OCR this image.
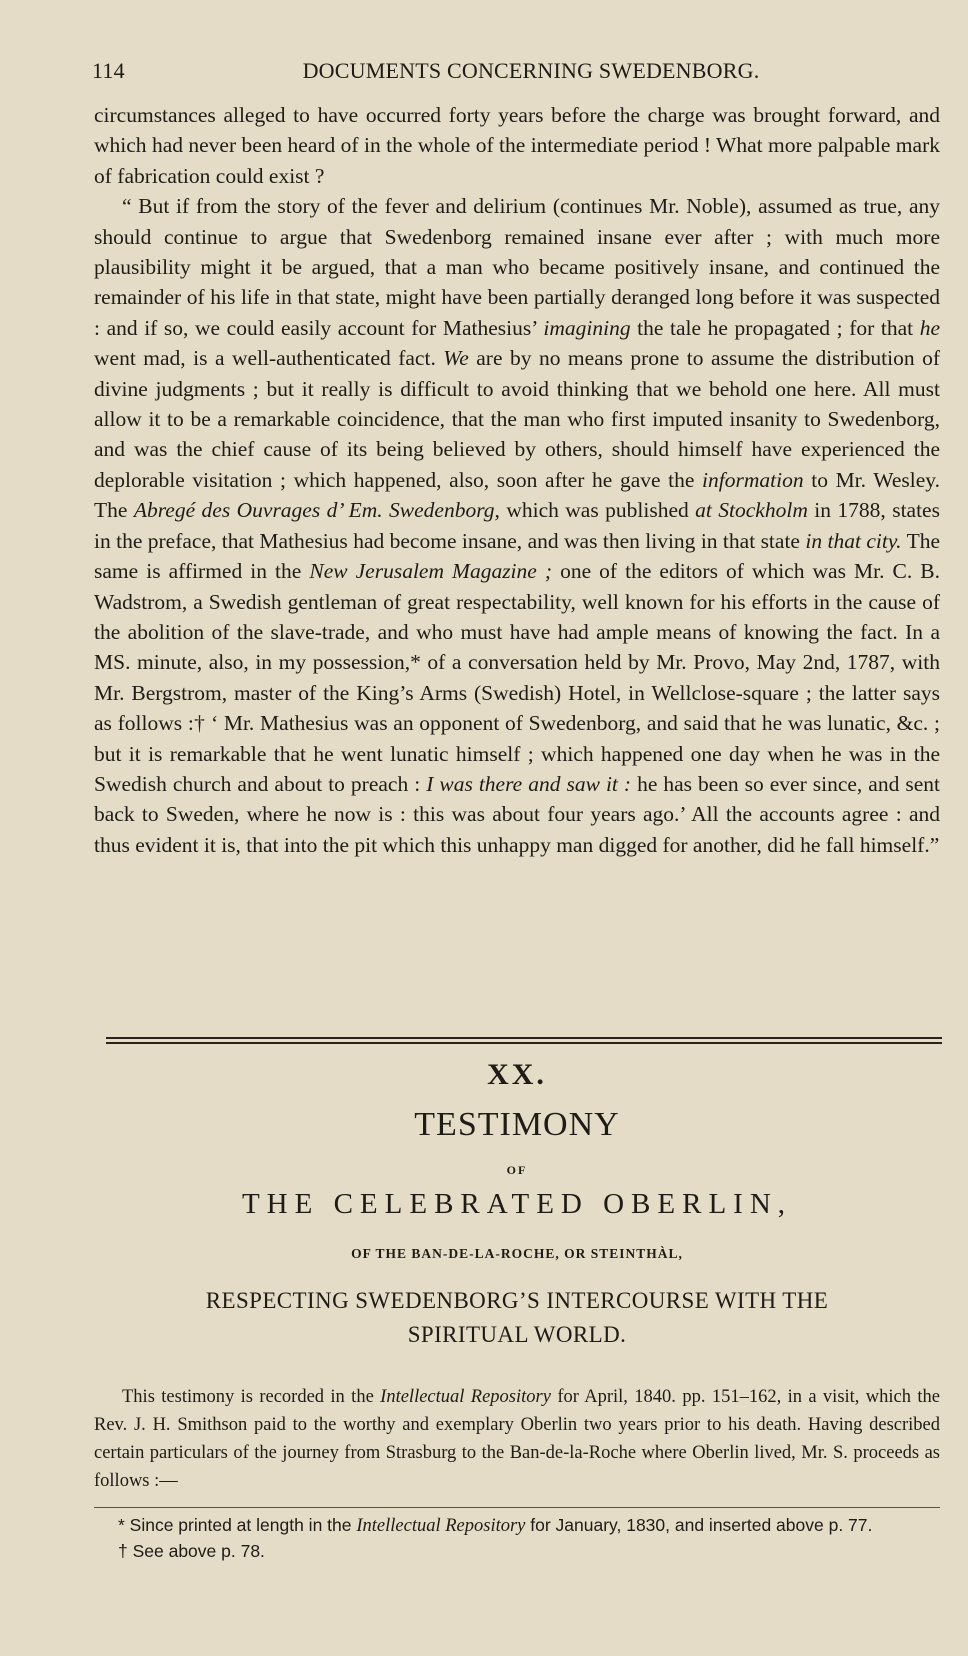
114	DOCUMENTS CONCERNING SWEDENBORG.

circumstances alleged to have occurred forty years before the charge was brought forward, and which had never been heard of in the whole of the intermediate period ! What more palpable mark of fabrication could exist ?

“ But if from the story of the fever and delirium (continues Mr. Noble), assumed as true, any should continue to argue that Swedenborg remained insane ever after ; with much more plausibility might it be argued, that a man who became positively insane, and continued the remainder of his life in that state, might have been partially deranged long before it was suspected : and if so, we could easily account for Mathesius’ imagining the tale he propagated ; for that he went mad, is a well-authenticated fact. We are by no means prone to assume the distribution of divine judgments ; but it really is difficult to avoid thinking that we behold one here. All must allow it to be a remarkable coincidence, that the man who first imputed insanity to Swedenborg, and was the chief cause of its being believed by others, should himself have experienced the deplorable visitation ; which happened, also, soon after he gave the information to Mr. Wesley. The Abregé des Ouvrages d’ Em. Swedenborg, which was published at Stockholm in 1788, states in the preface, that Mathesius had become insane, and was then living in that state in that city. The same is affirmed in the New Jerusalem Magazine ; one of the editors of which was Mr. C. B. Wadstrom, a Swedish gentleman of great respectability, well known for his efforts in the cause of the abolition of the slave-trade, and who must have had ample means of knowing the fact. In a MS. minute, also, in my possession,* of a conversation held by Mr. Provo, May 2nd, 1787, with Mr. Bergstrom, master of the King’s Arms (Swedish) Hotel, in Wellclose-square ; the latter says as follows :† ‘ Mr. Mathesius was an opponent of Swedenborg, and said that he was lunatic, &c. ; but it is remarkable that he went lunatic himself ; which happened one day when he was in the Swedish church and about to preach : I was there and saw it : he has been so ever since, and sent back to Sweden, where he now is : this was about four years ago.’ All the accounts agree : and thus evident it is, that into the pit which this unhappy man digged for another, did he fall himself.”

XX.
TESTIMONY
OF
THE CELEBRATED OBERLIN,
OF THE BAN-DE-LA-ROCHE, OR STEINTHÀL,
RESPECTING SWEDENBORG’S INTERCOURSE WITH THE
SPIRITUAL WORLD.

This testimony is recorded in the Intellectual Repository for April, 1840. pp. 151–162, in a visit, which the Rev. J. H. Smithson paid to the worthy and exemplary Oberlin two years prior to his death. Having described certain particulars of the journey from Strasburg to the Ban-de-la-Roche where Oberlin lived, Mr. S. proceeds as follows :—

* Since printed at length in the Intellectual Repository for January, 1830, and inserted above p. 77.

† See above p. 78.
